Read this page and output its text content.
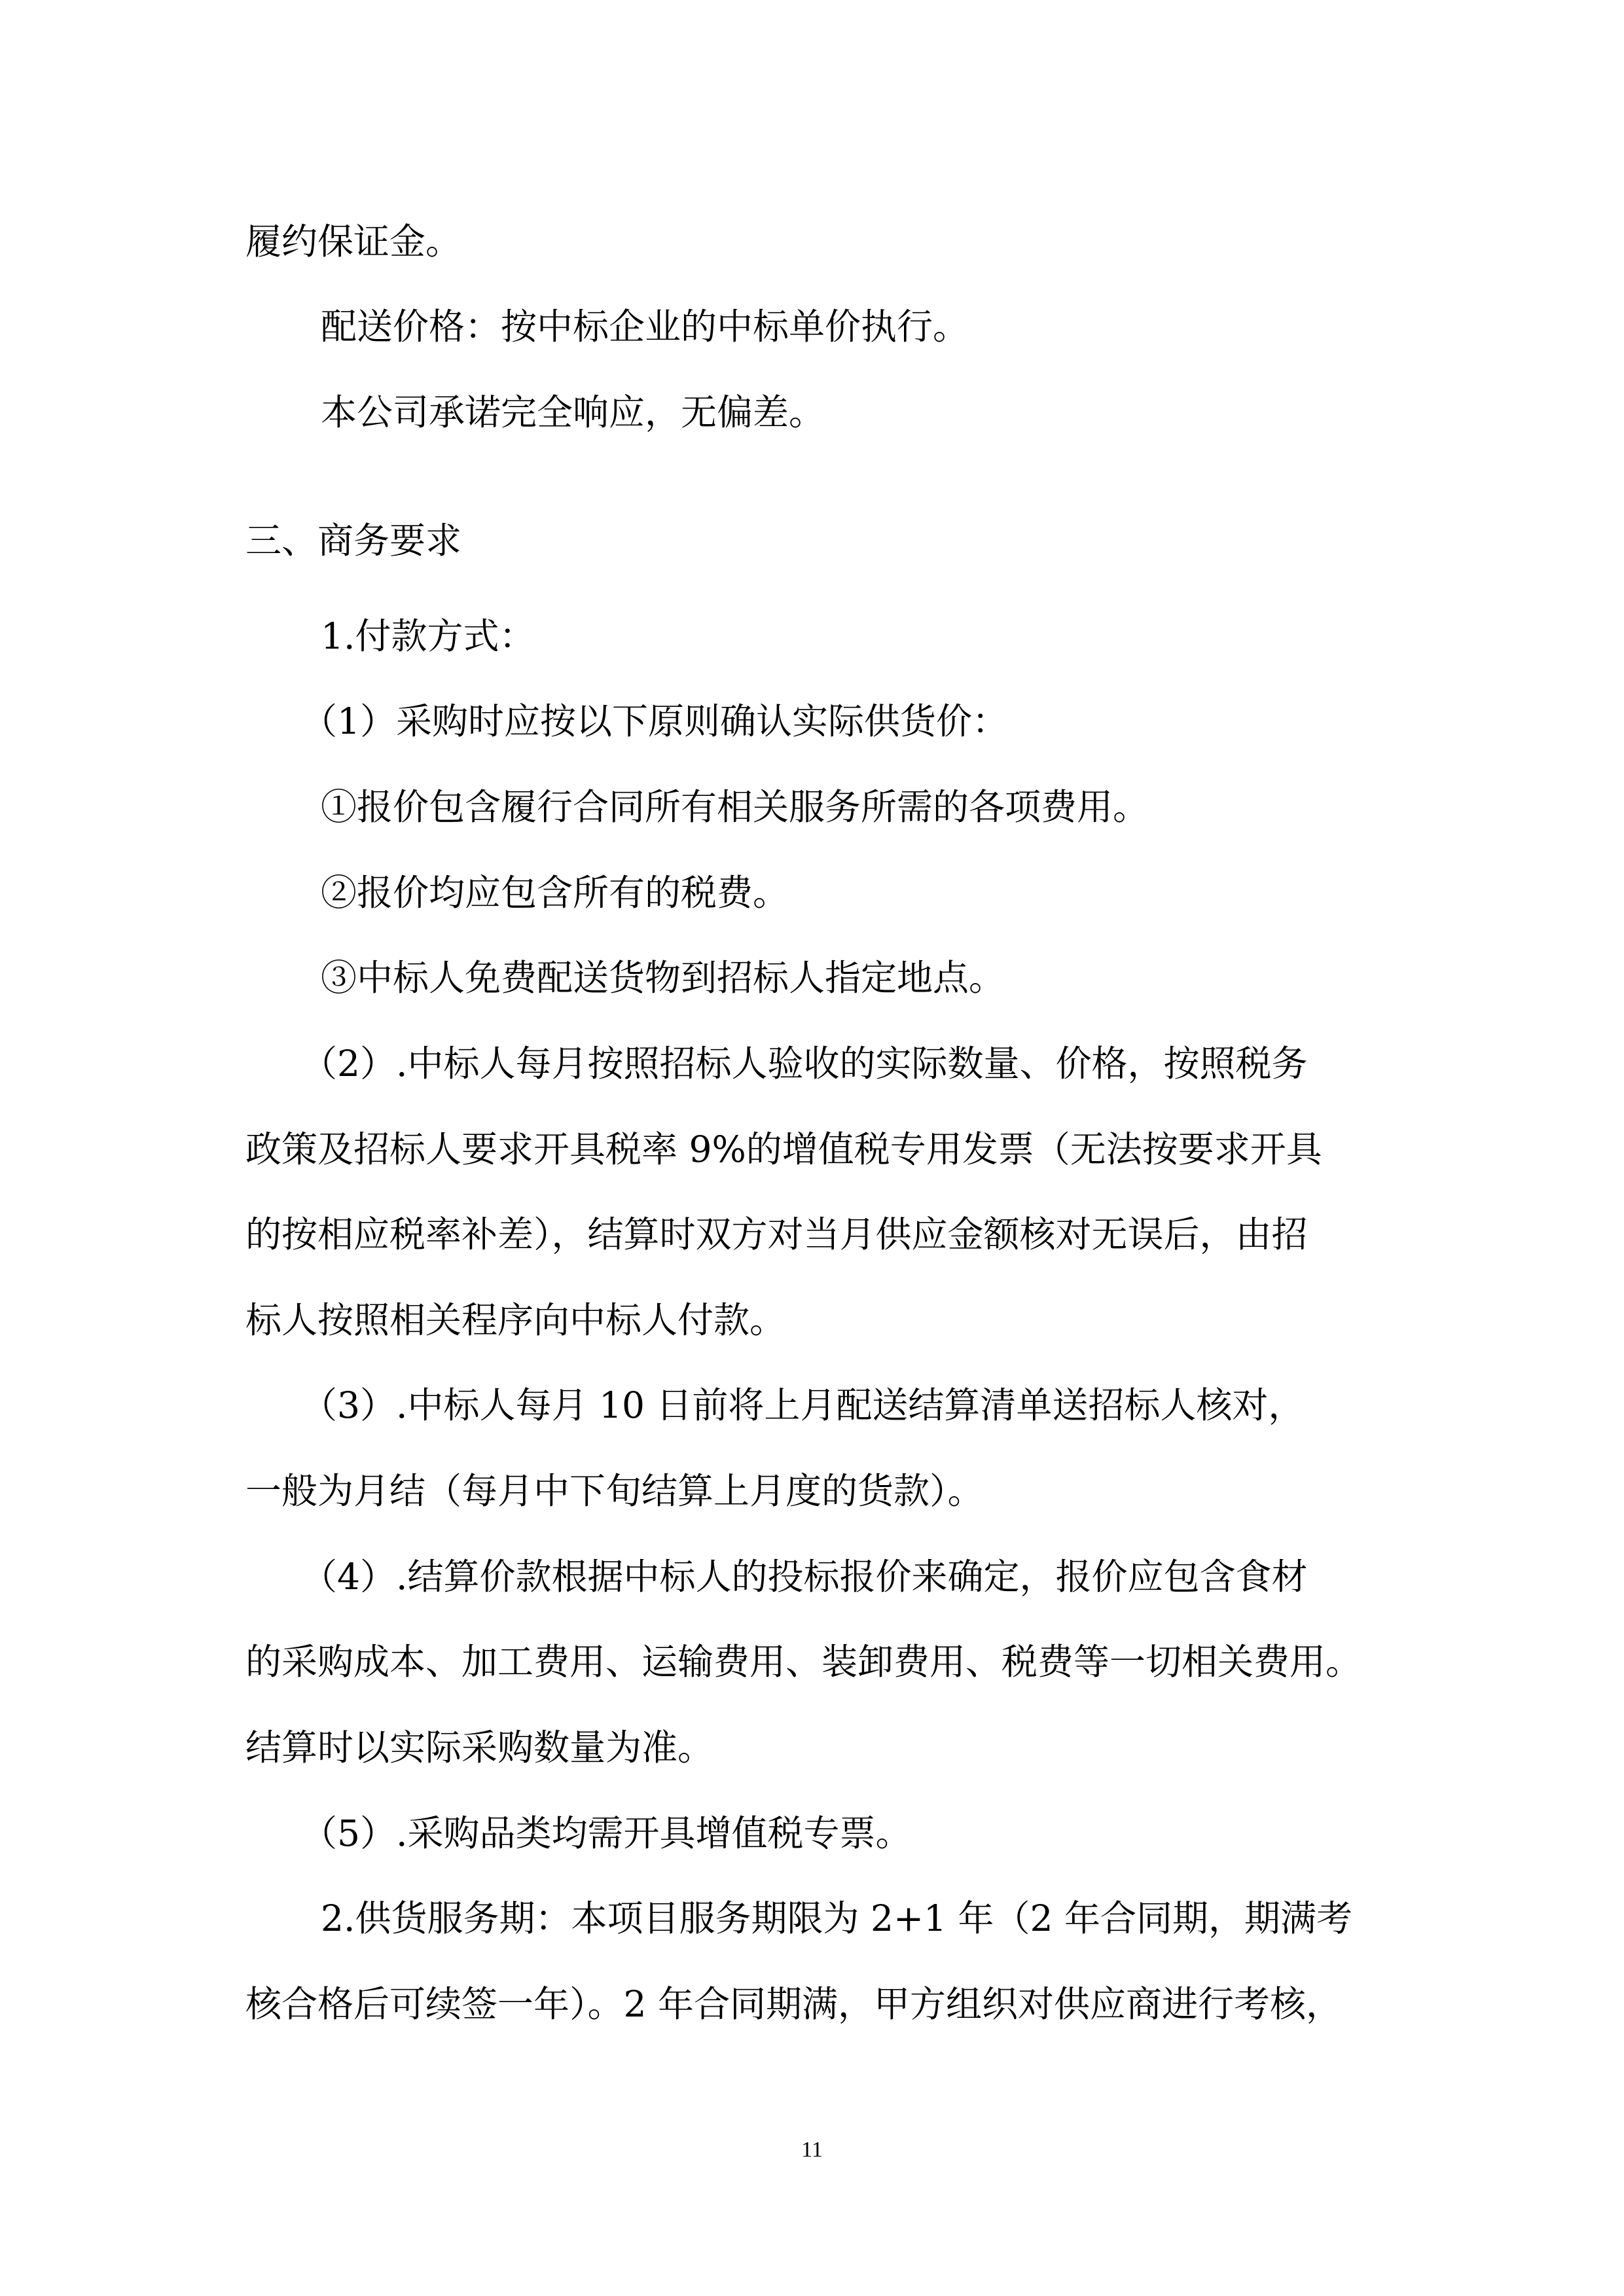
履约保证金。

配送价格：按中标企业的中标单价执行。

本公司承诺完全响应，无偏差。

三、商务要求

1.付款方式：

（1）采购时应按以下原则确认实际供货价：

①报价包含履行合同所有相关服务所需的各项费用。

②报价均应包含所有的税费。

③中标人免费配送货物到招标人指定地点。

（2）.中标人每月按照招标人验收的实际数量、价格，按照税务

政策及招标人要求开具税率 9%的增值税专用发票（无法按要求开具

的按相应税率补差），结算时双方对当月供应金额核对无误后，由招

标人按照相关程序向中标人付款。

（3）.中标人每月 10 日前将上月配送结算清单送招标人核对，

一般为月结（每月中下旬结算上月度的货款）。

（4）.结算价款根据中标人的投标报价来确定，报价应包含食材

的采购成本、加工费用、运输费用、装卸费用、税费等一切相关费用。

结算时以实际采购数量为准。

（5）.采购品类均需开具增值税专票。

2.供货服务期：本项目服务期限为 2+1 年（2 年合同期，期满考

核合格后可续签一年）。2 年合同期满，甲方组织对供应商进行考核，

11
